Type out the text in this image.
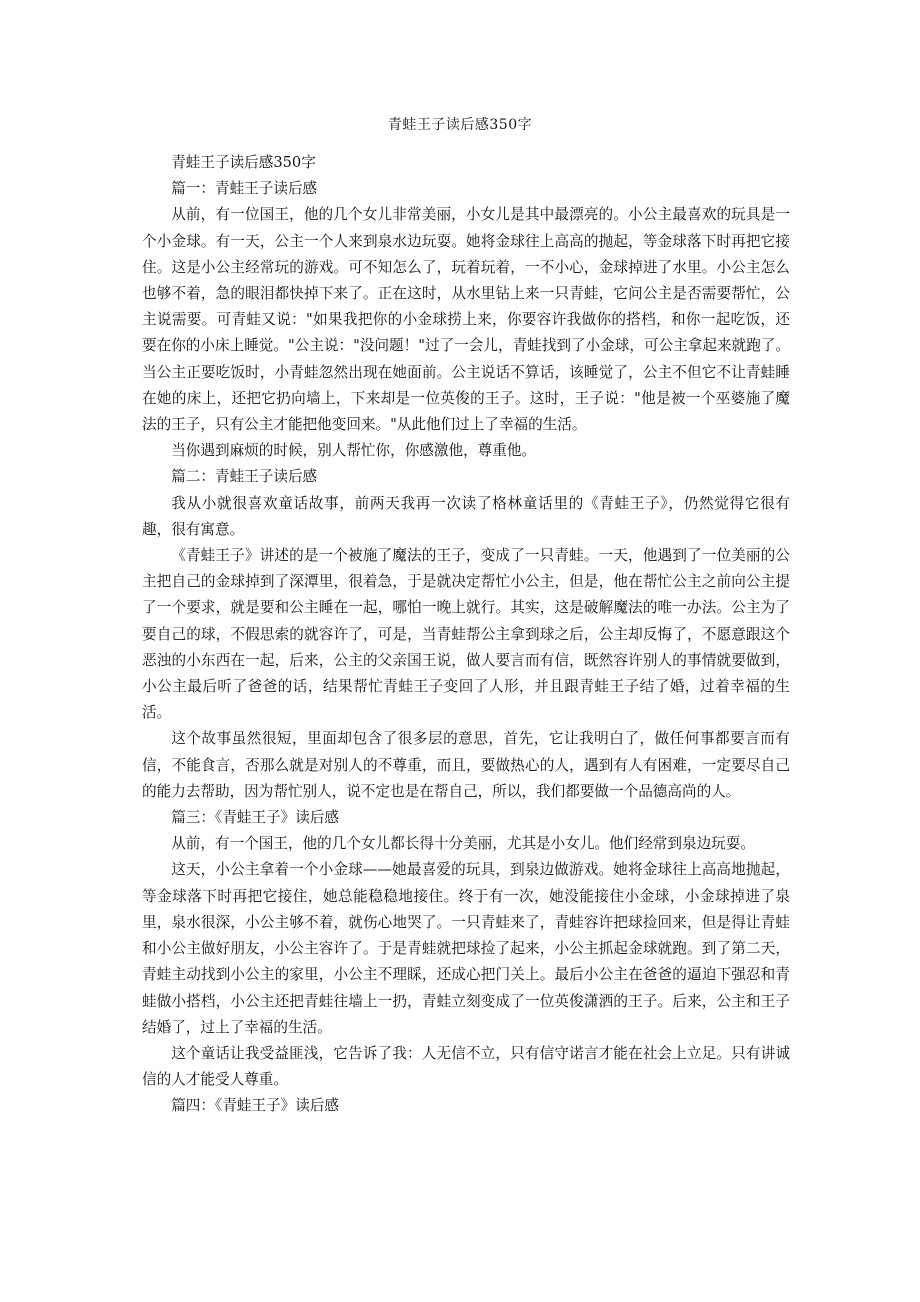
青蛙王子读后感350字

青蛙王子读后感350字

篇一：青蛙王子读后感

从前，有一位国王，他的几个女儿非常美丽，小女儿是其中最漂亮的。小公主最喜欢的玩具是一个小金球。有一天，公主一个人来到泉水边玩耍。她将金球往上高高的抛起，等金球落下时再把它接住。这是小公主经常玩的游戏。可不知怎么了，玩着玩着，一不小心，金球掉进了水里。小公主怎么也够不着，急的眼泪都快掉下来了。正在这时，从水里钻上来一只青蛙，它问公主是否需要帮忙，公主说需要。可青蛙又说："如果我把你的小金球捞上来，你要容许我做你的搭档，和你一起吃饭，还要在你的小床上睡觉。"公主说："没问题！"过了一会儿，青蛙找到了小金球，可公主拿起来就跑了。当公主正要吃饭时，小青蛙忽然出现在她面前。公主说话不算话，该睡觉了，公主不但它不让青蛙睡在她的床上，还把它扔向墙上，下来却是一位英俊的王子。这时，王子说："他是被一个巫婆施了魔法的王子，只有公主才能把他变回来。"从此他们过上了幸福的生活。

当你遇到麻烦的时候，别人帮忙你，你感激他，尊重他。

篇二：青蛙王子读后感

我从小就很喜欢童话故事，前两天我再一次读了格林童话里的《青蛙王子》，仍然觉得它很有趣，很有寓意。

《青蛙王子》讲述的是一个被施了魔法的王子，变成了一只青蛙。一天，他遇到了一位美丽的公主把自己的金球掉到了深潭里，很着急，于是就决定帮忙小公主，但是，他在帮忙公主之前向公主提了一个要求，就是要和公主睡在一起，哪怕一晚上就行。其实，这是破解魔法的唯一办法。公主为了要自己的球，不假思索的就容许了，可是，当青蛙帮公主拿到球之后，公主却反悔了，不愿意跟这个恶浊的小东西在一起，后来，公主的父亲国王说，做人要言而有信，既然容许别人的事情就要做到，小公主最后听了爸爸的话，结果帮忙青蛙王子变回了人形，并且跟青蛙王子结了婚，过着幸福的生活。

这个故事虽然很短，里面却包含了很多层的意思，首先，它让我明白了，做任何事都要言而有信，不能食言，否那么就是对别人的不尊重，而且，要做热心的人，遇到有人有困难，一定要尽自己的能力去帮助，因为帮忙别人，说不定也是在帮自己，所以，我们都要做一个品德高尚的人。

篇三：《青蛙王子》读后感

从前，有一个国王，他的几个女儿都长得十分美丽，尤其是小女儿。他们经常到泉边玩耍。

这天，小公主拿着一个小金球——她最喜爱的玩具，到泉边做游戏。她将金球往上高高地抛起，等金球落下时再把它接住，她总能稳稳地接住。终于有一次，她没能接住小金球，小金球掉进了泉里，泉水很深，小公主够不着，就伤心地哭了。一只青蛙来了，青蛙容许把球捡回来，但是得让青蛙和小公主做好朋友，小公主容许了。于是青蛙就把球捡了起来，小公主抓起金球就跑。到了第二天，青蛙主动找到小公主的家里，小公主不理睬，还成心把门关上。最后小公主在爸爸的逼迫下强忍和青蛙做小搭档，小公主还把青蛙往墙上一扔，青蛙立刻变成了一位英俊潇洒的王子。后来，公主和王子结婚了，过上了幸福的生活。

这个童话让我受益匪浅，它告诉了我：人无信不立，只有信守诺言才能在社会上立足。只有讲诚信的人才能受人尊重。

篇四：《青蛙王子》读后感
